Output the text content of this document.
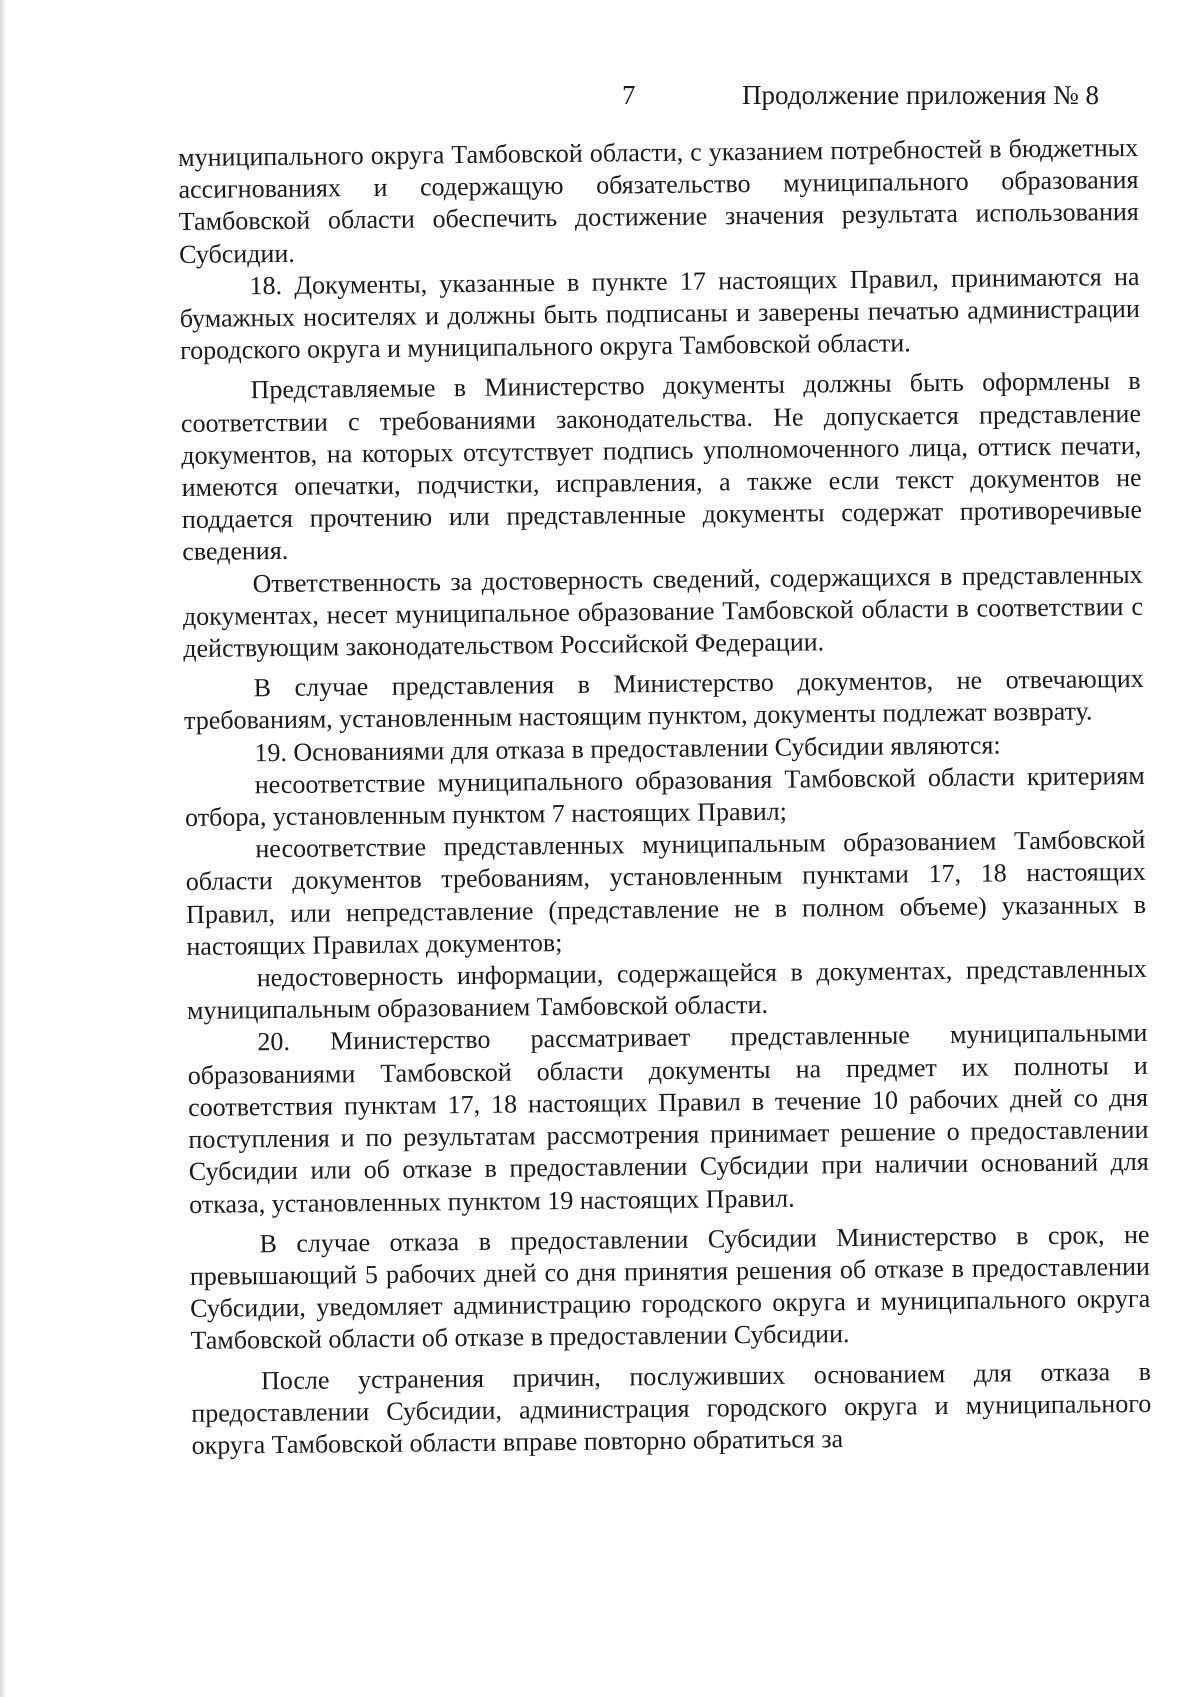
7	Продолжение приложения № 8

муниципального округа Тамбовской области, с указанием потребностей в бюджетных ассигнованиях и содержащую обязательство муниципального образования Тамбовской области обеспечить достижение значения результата использования Субсидии.

18. Документы, указанные в пункте 17 настоящих Правил, принимаются на бумажных носителях и должны быть подписаны и заверены печатью администрации городского округа и муниципального округа Тамбовской области.

Представляемые в Министерство документы должны быть оформлены в соответствии с требованиями законодательства. Не допускается представление документов, на которых отсутствует подпись уполномоченного лица, оттиск печати, имеются опечатки, подчистки, исправления, а также если текст документов не поддается прочтению или представленные документы содержат противоречивые сведения.

Ответственность за достоверность сведений, содержащихся в представленных документах, несет муниципальное образование Тамбовской области в соответствии с действующим законодательством Российской Федерации.

В случае представления в Министерство документов, не отвечающих требованиям, установленным настоящим пунктом, документы подлежат возврату.

19. Основаниями для отказа в предоставлении Субсидии являются:

несоответствие муниципального образования Тамбовской области критериям отбора, установленным пунктом 7 настоящих Правил;

несоответствие представленных муниципальным образованием Тамбовской области документов требованиям, установленным пунктами 17, 18 настоящих Правил, или непредставление (представление не в полном объеме) указанных в настоящих Правилах документов;

недостоверность информации, содержащейся в документах, представленных муниципальным образованием Тамбовской области.

20. Министерство рассматривает представленные муниципальными образованиями Тамбовской области документы на предмет их полноты и соответствия пунктам 17, 18 настоящих Правил в течение 10 рабочих дней со дня поступления и по результатам рассмотрения принимает решение о предоставлении Субсидии или об отказе в предоставлении Субсидии при наличии оснований для отказа, установленных пунктом 19 настоящих Правил.

В случае отказа в предоставлении Субсидии Министерство в срок, не превышающий 5 рабочих дней со дня принятия решения об отказе в предоставлении Субсидии, уведомляет администрацию городского округа и муниципального округа Тамбовской области об отказе в предоставлении Субсидии.

После устранения причин, послуживших основанием для отказа в предоставлении Субсидии, администрация городского округа и муниципального округа Тамбовской области вправе повторно обратиться за
